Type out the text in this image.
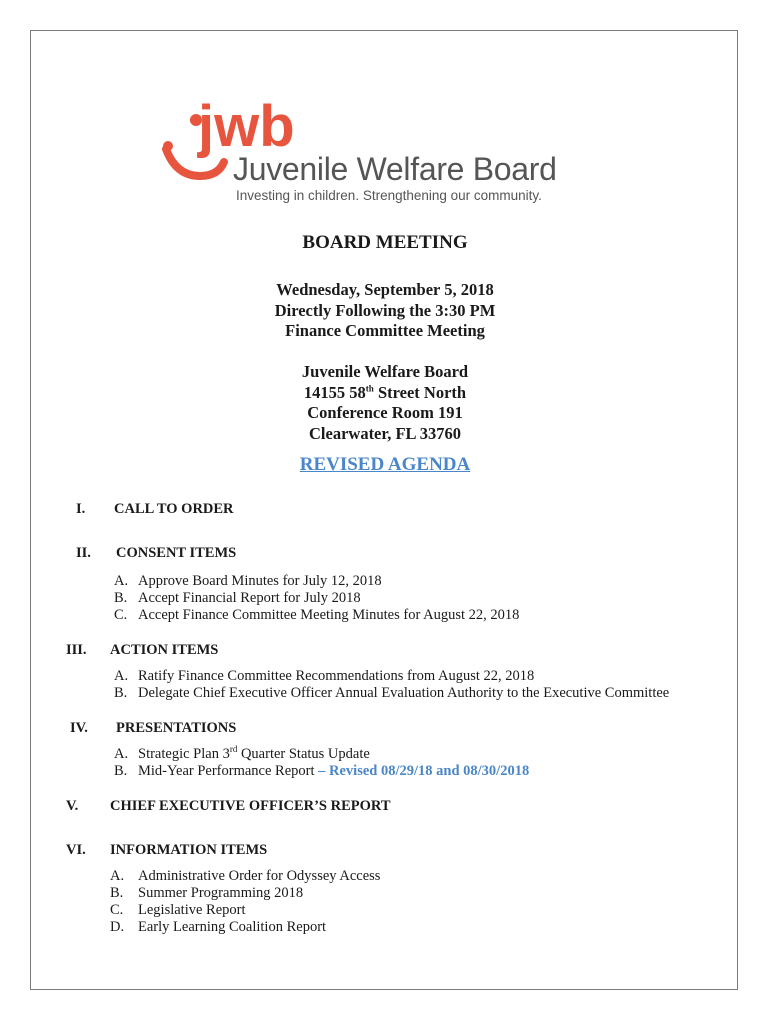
jwb
Juvenile Welfare Board
Investing in children. Strengthening our community.
BOARD MEETING
Wednesday, September 5, 2018
Directly Following the 3:30 PM
Finance Committee Meeting
Juvenile Welfare Board
14155 58th Street North
Conference Room 191
Clearwater, FL 33760
REVISED AGENDA
I. CALL TO ORDER
II. CONSENT ITEMS
A. Approve Board Minutes for July 12, 2018
B. Accept Financial Report for July 2018
C. Accept Finance Committee Meeting Minutes for August 22, 2018
III. ACTION ITEMS
A. Ratify Finance Committee Recommendations from August 22, 2018
B. Delegate Chief Executive Officer Annual Evaluation Authority to the Executive Committee
IV. PRESENTATIONS
A. Strategic Plan 3rd Quarter Status Update
B. Mid-Year Performance Report – Revised 08/29/18 and 08/30/2018
V. CHIEF EXECUTIVE OFFICER’S REPORT
VI. INFORMATION ITEMS
A. Administrative Order for Odyssey Access
B. Summer Programming 2018
C. Legislative Report
D. Early Learning Coalition Report
